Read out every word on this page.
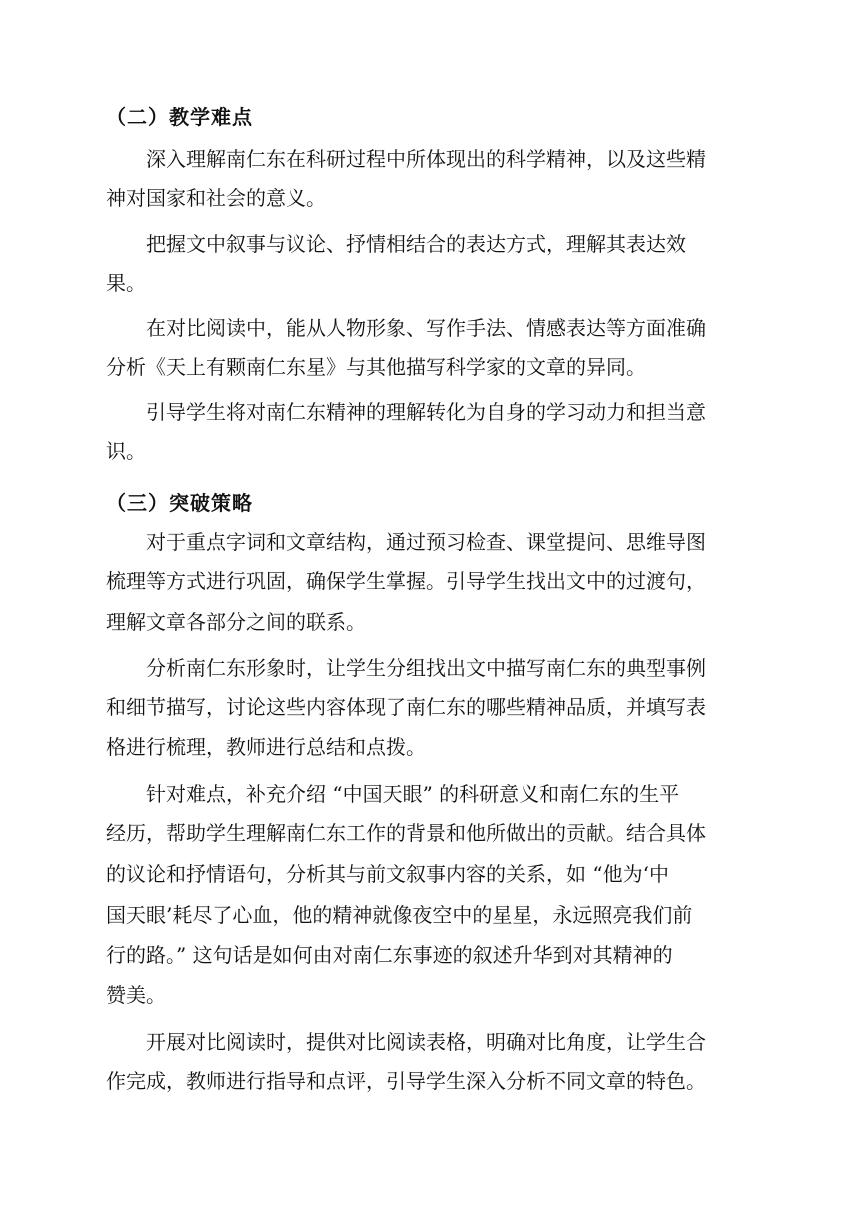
（二）教学难点
深入理解南仁东在科研过程中所体现出的科学精神，以及这些精
神对国家和社会的意义。
把握文中叙事与议论、抒情相结合的表达方式，理解其表达效
果。
在对比阅读中，能从人物形象、写作手法、情感表达等方面准确
分析《天上有颗南仁东星》与其他描写科学家的文章的异同。
引导学生将对南仁东精神的理解转化为自身的学习动力和担当意
识。
（三）突破策略
对于重点字词和文章结构，通过预习检查、课堂提问、思维导图
梳理等方式进行巩固，确保学生掌握。引导学生找出文中的过渡句，
理解文章各部分之间的联系。
分析南仁东形象时，让学生分组找出文中描写南仁东的典型事例
和细节描写，讨论这些内容体现了南仁东的哪些精神品质，并填写表
格进行梳理，教师进行总结和点拨。
针对难点，补充介绍 “中国天眼” 的科研意义和南仁东的生平
经历，帮助学生理解南仁东工作的背景和他所做出的贡献。结合具体
的议论和抒情语句，分析其与前文叙事内容的关系，如 “他为‘中
国天眼’耗尽了心血，他的精神就像夜空中的星星，永远照亮我们前
行的路。” 这句话是如何由对南仁东事迹的叙述升华到对其精神的
赞美。
开展对比阅读时，提供对比阅读表格，明确对比角度，让学生合
作完成，教师进行指导和点评，引导学生深入分析不同文章的特色。
